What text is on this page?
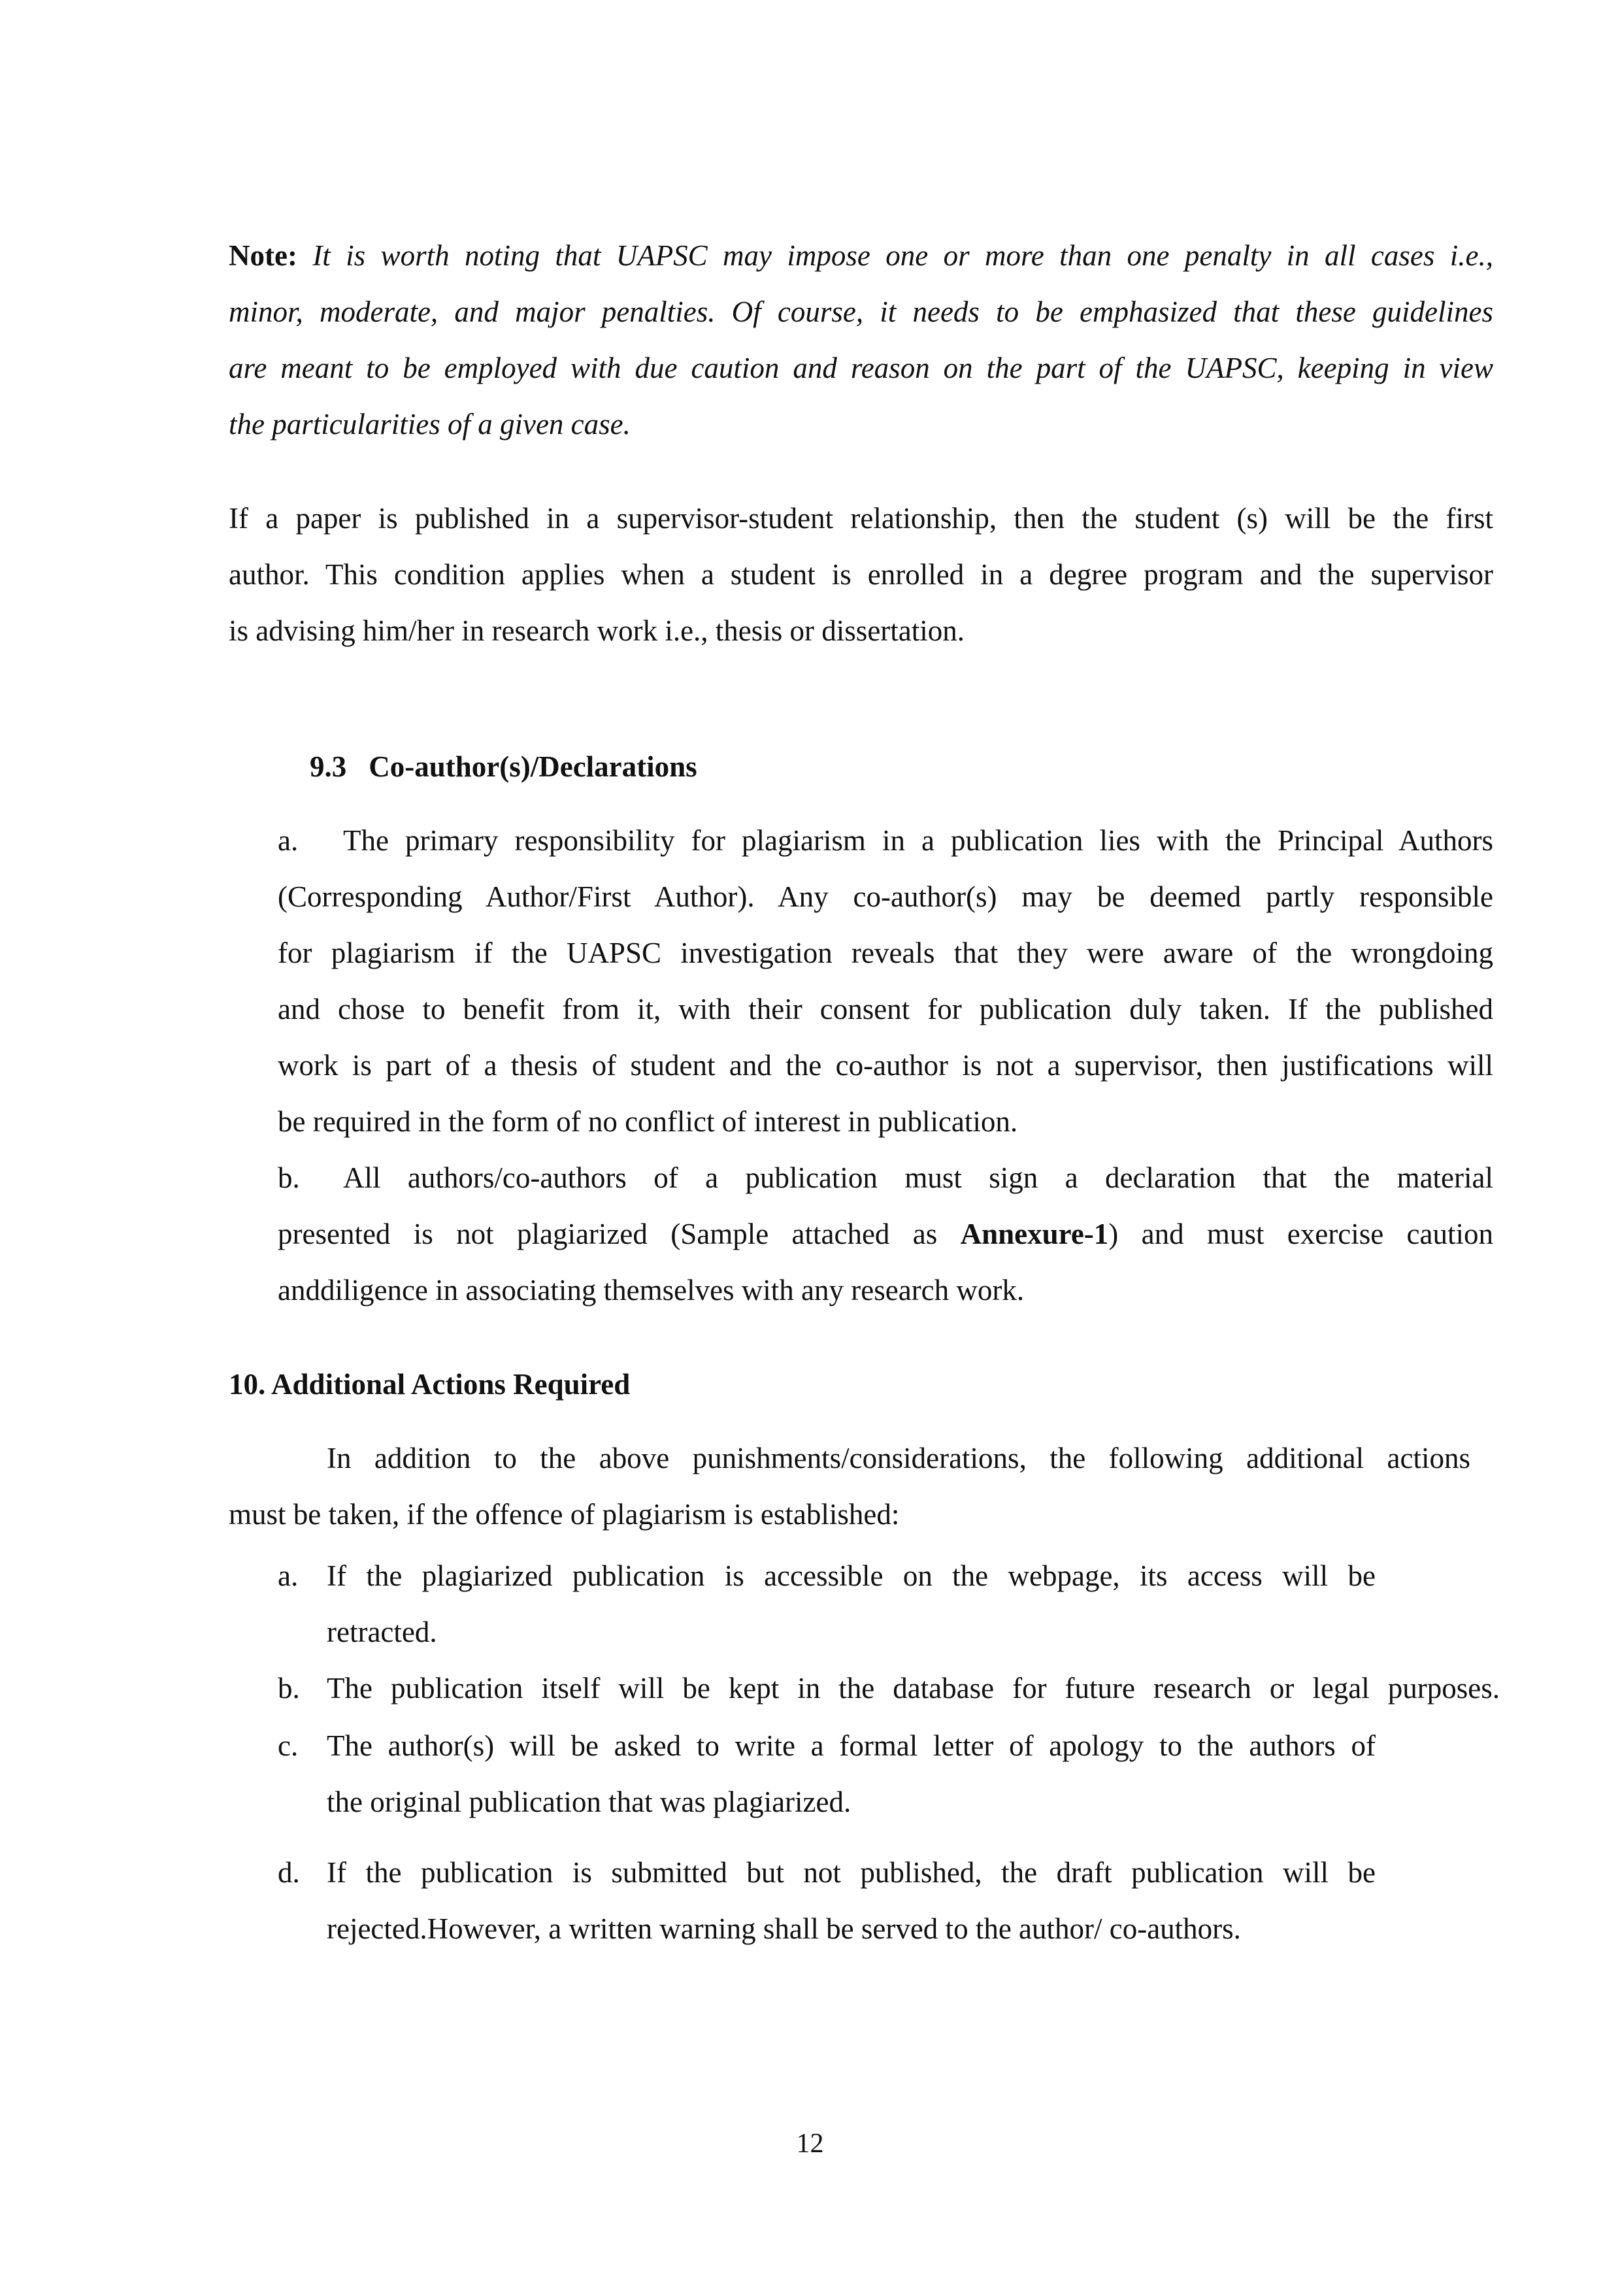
Note: It is worth noting that UAPSC may impose one or more than one penalty in all cases i.e.,
minor, moderate, and major penalties. Of course, it needs to be emphasized that these guidelines
are meant to be employed with due caution and reason on the part of the UAPSC, keeping in view
the particularities of a given case.
If a paper is published in a supervisor-student relationship, then the student (s) will be the first
author. This condition applies when a student is enrolled in a degree program and the supervisor
is advising him/her in research work i.e., thesis or dissertation.
9.3 Co-author(s)/Declarations
a.	The primary responsibility for plagiarism in a publication lies with the Principal Authors
(Corresponding Author/First Author). Any co-author(s) may be deemed partly responsible
for plagiarism if the UAPSC investigation reveals that they were aware of the wrongdoing
and chose to benefit from it, with their consent for publication duly taken. If the published
work is part of a thesis of student and the co-author is not a supervisor, then justifications will
be required in the form of no conflict of interest in publication.
b.	All authors/co-authors of a publication must sign a declaration that the material
presented is not plagiarized (Sample attached as Annexure-1) and must exercise caution
anddiligence in associating themselves with any research work.
10. Additional Actions Required
In addition to the above punishments/considerations, the following additional actions
must be taken, if the offence of plagiarism is established:
a. If the plagiarized publication is accessible on the webpage, its access will be
retracted.
b. The publication itself will be kept in the database for future research or legal purposes.
c. The author(s) will be asked to write a formal letter of apology to the authors of
the original publication that was plagiarized.
d. If the publication is submitted but not published, the draft publication will be
rejected.However, a written warning shall be served to the author/ co-authors.
12
